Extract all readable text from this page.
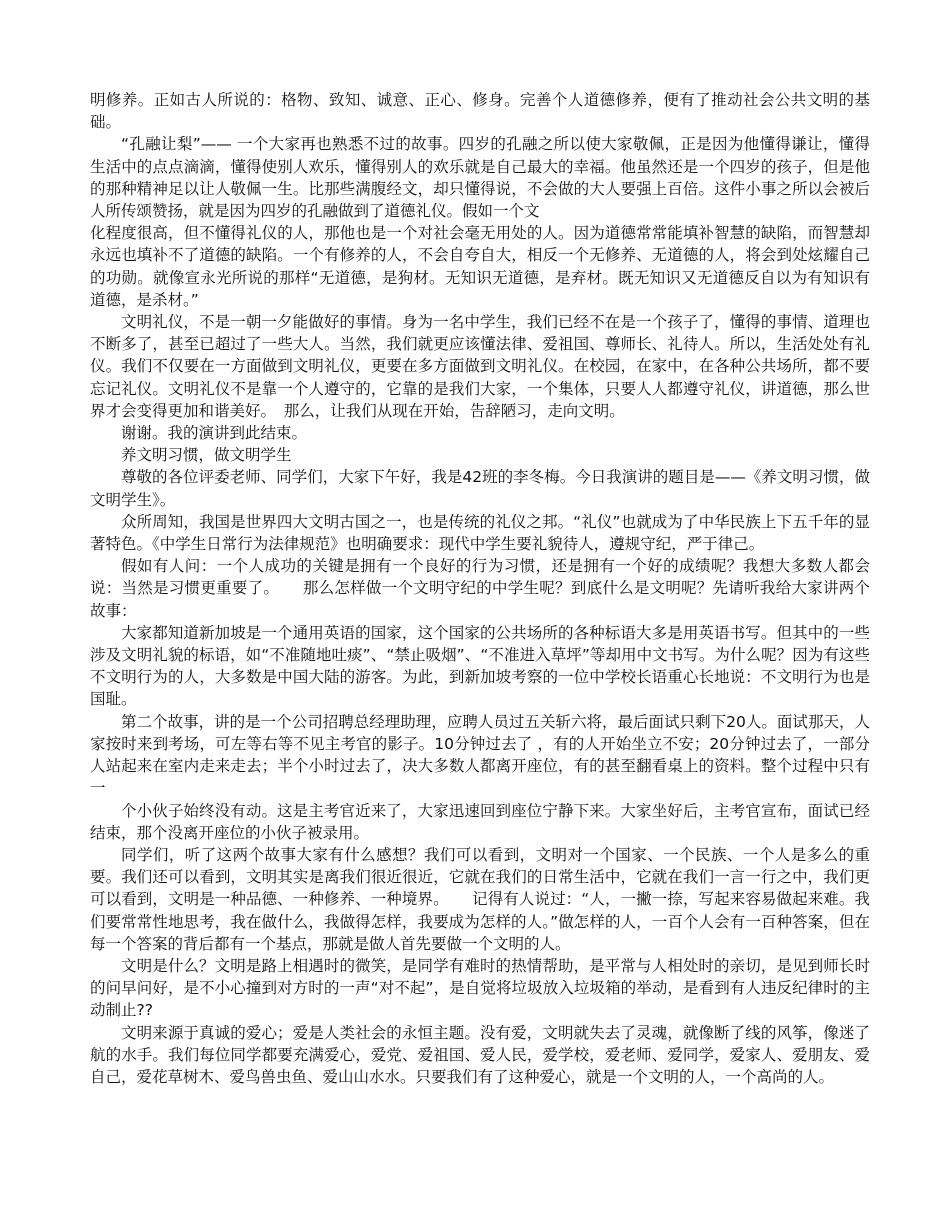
明修养。正如古人所说的：格物、致知、诚意、正心、修身。完善个人道德修养，便有了推动社会公共文明的基础。

“孔融让梨”—— 一个大家再也熟悉不过的故事。四岁的孔融之所以使大家敬佩，正是因为他懂得谦让，懂得生活中的点点滴滴，懂得使别人欢乐，懂得别人的欢乐就是自己最大的幸福。他虽然还是一个四岁的孩子，但是他的那种精神足以让人敬佩一生。比那些满腹经文，却只懂得说，不会做的大人要强上百倍。这件小事之所以会被后人所传颂赞扬，就是因为四岁的孔融做到了道德礼仪。假如一个文

化程度很高，但不懂得礼仪的人，那他也是一个对社会毫无用处的人。因为道德常常能填补智慧的缺陷，而智慧却永远也填补不了道德的缺陷。一个有修养的人，不会自夸自大，相反一个无修养、无道德的人，将会到处炫耀自己的功勋。就像宣永光所说的那样“无道德，是狗材。无知识无道德，是弃材。既无知识又无道德反自以为有知识有道德，是杀材。”

文明礼仪，不是一朝一夕能做好的事情。身为一名中学生，我们已经不在是一个孩子了，懂得的事情、道理也不断多了，甚至已超过了一些大人。当然，我们就更应该懂法律、爱祖国、尊师长、礼待人。所以，生活处处有礼仪。我们不仅要在一方面做到文明礼仪，更要在多方面做到文明礼仪。在校园，在家中，在各种公共场所，都不要忘记礼仪。文明礼仪不是靠一个人遵守的，它靠的是我们大家，一个集体，只要人人都遵守礼仪，讲道德，那么世界才会变得更加和谐美好。　那么，让我们从现在开始，告辞陋习，走向文明。

谢谢。我的演讲到此结束。

养文明习惯，做文明学生

尊敬的各位评委老师、同学们，大家下午好，我是42班的李冬梅。今日我演讲的题目是——《养文明习惯，做文明学生》。

众所周知，我国是世界四大文明古国之一，也是传统的礼仪之邦。“礼仪”也就成为了中华民族上下五千年的显著特色。《中学生日常行为法律规范》也明确要求：现代中学生要礼貌待人，遵规守纪，严于律己。

假如有人问：一个人成功的关键是拥有一个良好的行为习惯，还是拥有一个好的成绩呢？我想大多数人都会说：当然是习惯更重要了。　　那么怎样做一个文明守纪的中学生呢？到底什么是文明呢？先请听我给大家讲两个故事：

大家都知道新加坡是一个通用英语的国家，这个国家的公共场所的各种标语大多是用英语书写。但其中的一些涉及文明礼貌的标语，如“不准随地吐痰”、“禁止吸烟”、“不准进入草坪”等却用中文书写。为什么呢？因为有这些不文明行为的人，大多数是中国大陆的游客。为此，到新加坡考察的一位中学校长语重心长地说：不文明行为也是国耻。

第二个故事，讲的是一个公司招聘总经理助理，应聘人员过五关斩六将，最后面试只剩下20人。面试那天，人家按时来到考场，可左等右等不见主考官的影子。10分钟过去了 ，有的人开始坐立不安；20分钟过去了，一部分人站起来在室内走来走去；半个小时过去了，决大多数人都离开座位，有的甚至翻看桌上的资料。整个过程中只有一

个小伙子始终没有动。这是主考官近来了，大家迅速回到座位宁静下来。大家坐好后，主考官宣布，面试已经结束，那个没离开座位的小伙子被录用。

同学们，听了这两个故事大家有什么感想？我们可以看到，文明对一个国家、一个民族、一个人是多么的重要。我们还可以看到，文明其实是离我们很近很近，它就在我们的日常生活中，它就在我们一言一行之中，我们更可以看到，文明是一种品德、一种修养、一种境界。　　记得有人说过：“人，一撇一捺，写起来容易做起来难。我们要常常性地思考，我在做什么，我做得怎样，我要成为怎样的人。”做怎样的人，一百个人会有一百种答案，但在每一个答案的背后都有一个基点，那就是做人首先要做一个文明的人。

文明是什么？文明是路上相遇时的微笑，是同学有难时的热情帮助，是平常与人相处时的亲切，是见到师长时的问早问好，是不小心撞到对方时的一声“对不起”，是自觉将垃圾放入垃圾箱的举动，是看到有人违反纪律时的主动制止??

文明来源于真诚的爱心；爱是人类社会的永恒主题。没有爱，文明就失去了灵魂，就像断了线的风筝，像迷了航的水手。我们每位同学都要充满爱心，爱党、爱祖国、爱人民，爱学校，爱老师、爱同学，爱家人、爱朋友、爱自己，爱花草树木、爱鸟兽虫鱼、爱山山水水。只要我们有了这种爱心，就是一个文明的人，一个高尚的人。
